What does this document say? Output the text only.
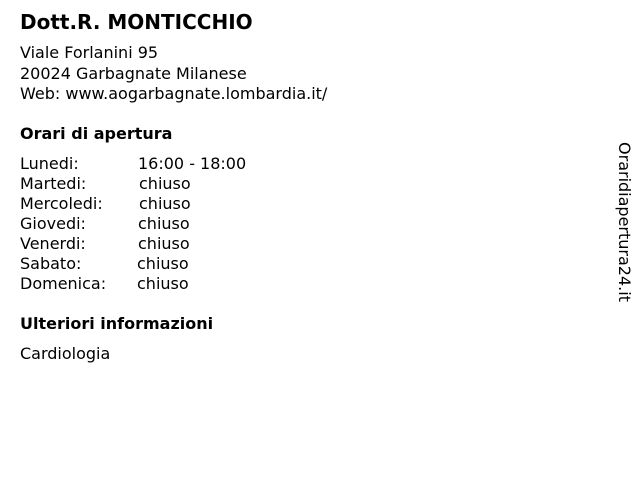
Dott.R. MONTICCHIO
Viale Forlanini 95
20024 Garbagnate Milanese
Web: www.aogarbagnate.lombardia.it/
Orari di apertura
Lunedi:	16:00 - 18:00
Martedi:	chiuso
Mercoledi: chiuso
Giovedi:	chiuso
Venerdi:	chiuso
Sabato:	chiuso
Domenica: chiuso
Ulteriori informazioni
Cardiologia
Oraridiapertura24.it
